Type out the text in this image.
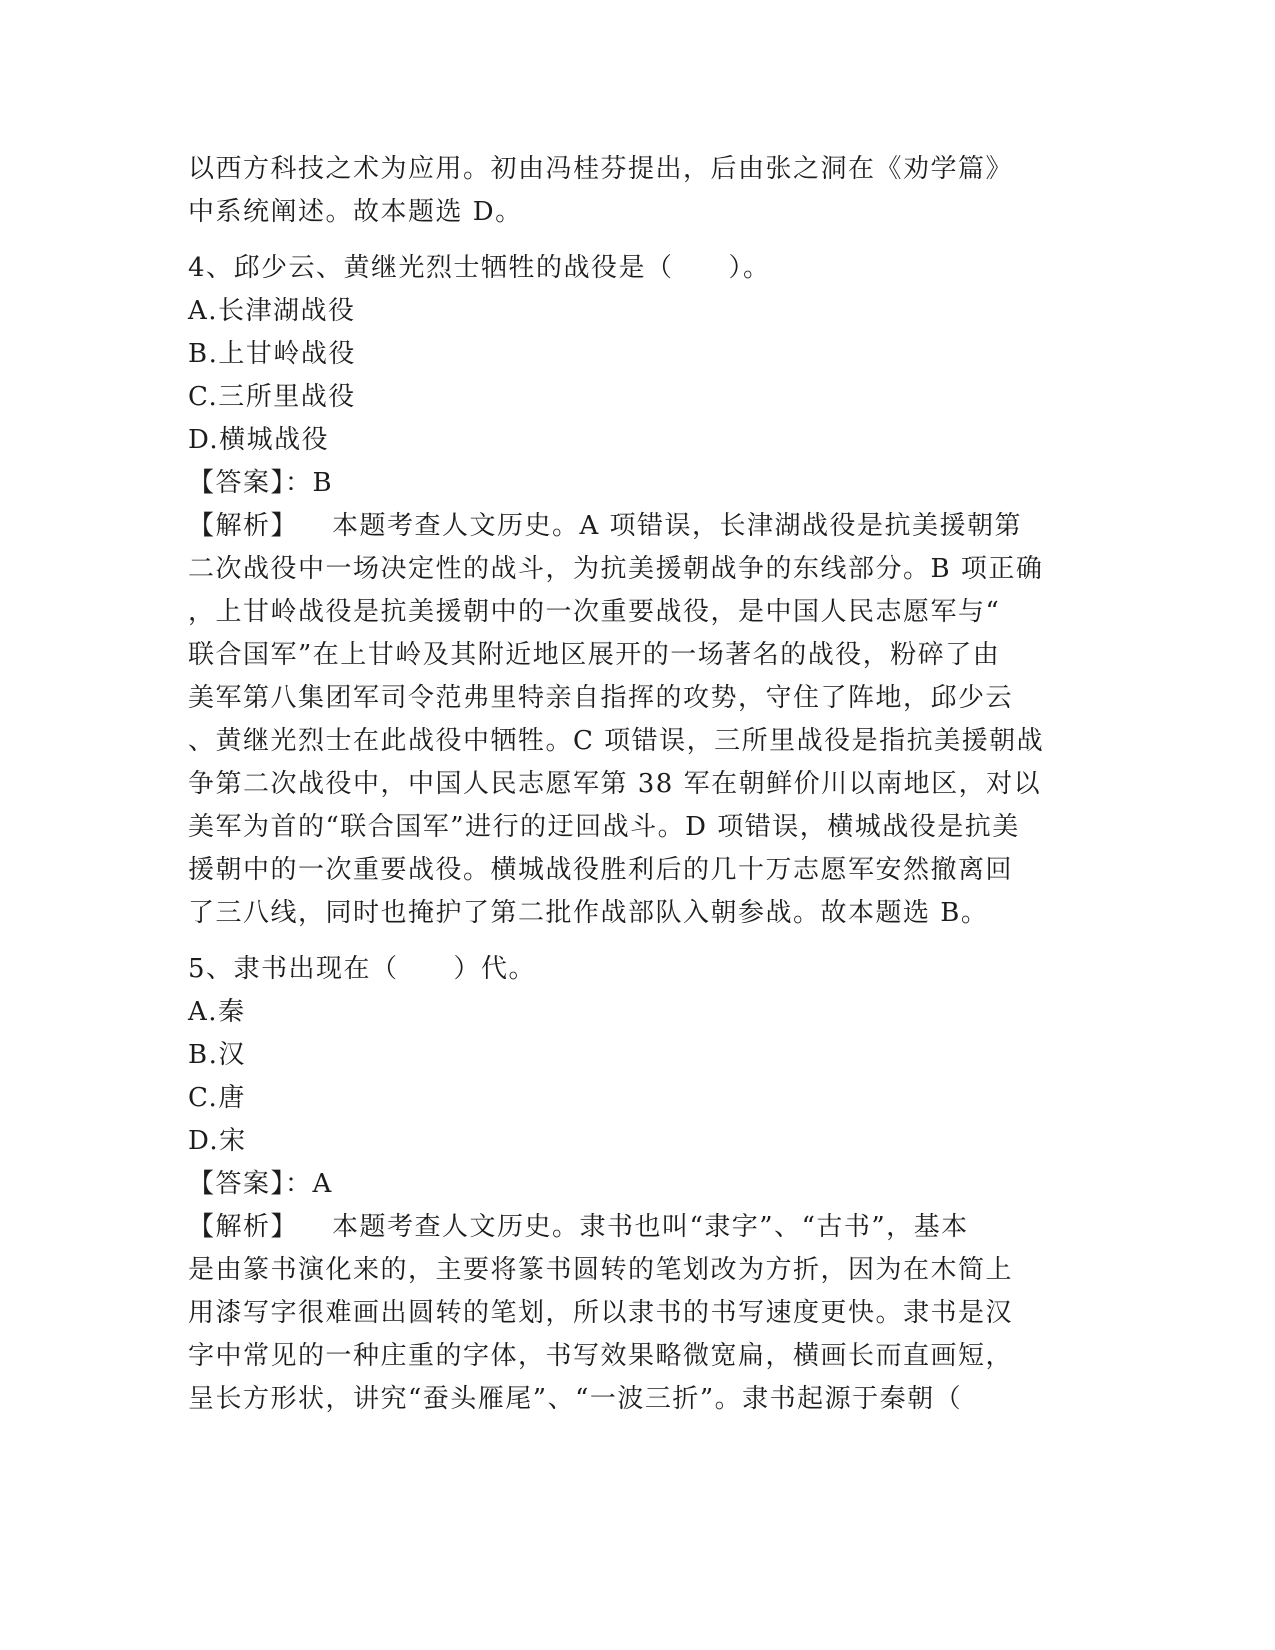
以西方科技之术为应用。初由冯桂芬提出，后由张之洞在《劝学篇》
中系统阐述。故本题选 D。
4、邱少云、黄继光烈士牺牲的战役是（　　）。
A.长津湖战役
B.上甘岭战役
C.三所里战役
D.横城战役
【答案】：B
【解析】 本题考查人文历史。A 项错误，长津湖战役是抗美援朝第
二次战役中一场决定性的战斗，为抗美援朝战争的东线部分。B 项正确
，上甘岭战役是抗美援朝中的一次重要战役，是中国人民志愿军与“
联合国军”在上甘岭及其附近地区展开的一场著名的战役，粉碎了由
美军第八集团军司令范弗里特亲自指挥的攻势，守住了阵地，邱少云
、黄继光烈士在此战役中牺牲。C 项错误，三所里战役是指抗美援朝战
争第二次战役中，中国人民志愿军第 38 军在朝鲜价川以南地区，对以
美军为首的“联合国军”进行的迂回战斗。D 项错误，横城战役是抗美
援朝中的一次重要战役。横城战役胜利后的几十万志愿军安然撤离回
了三八线，同时也掩护了第二批作战部队入朝参战。故本题选 B。
5、隶书出现在（　　）代。
A.秦
B.汉
C.唐
D.宋
【答案】：A
【解析】 本题考查人文历史。隶书也叫“隶字”、“古书”，基本
是由篆书演化来的，主要将篆书圆转的笔划改为方折，因为在木简上
用漆写字很难画出圆转的笔划，所以隶书的书写速度更快。隶书是汉
字中常见的一种庄重的字体，书写效果略微宽扁，横画长而直画短，
呈长方形状，讲究“蚕头雁尾”、“一波三折”。隶书起源于秦朝（
